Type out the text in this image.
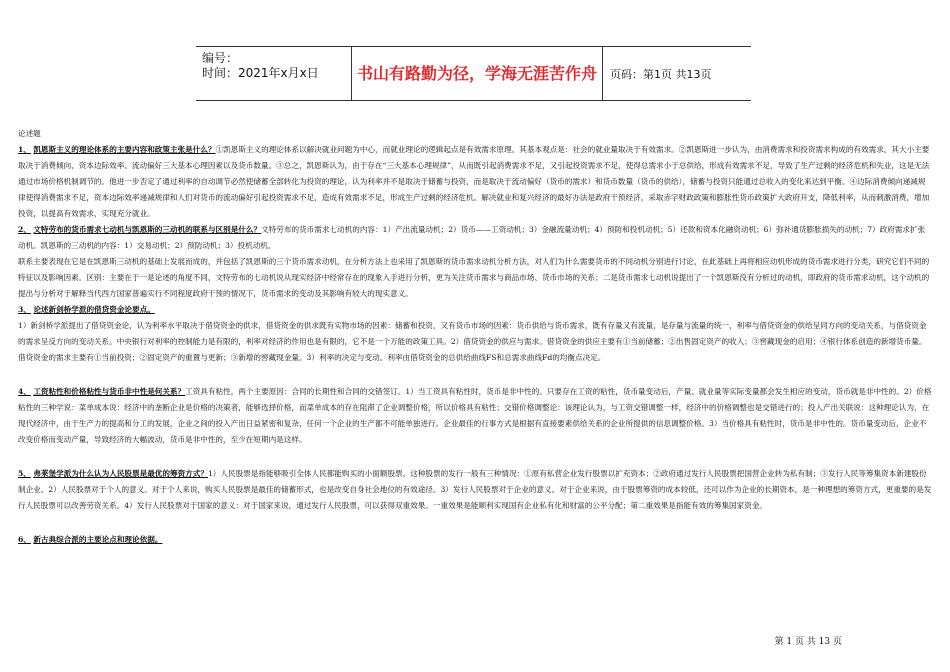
编号：
时间：2021年x月x日	书山有路勤为径，学海无涯苦作舟	页码：第1页 共13页

论述题

1、 凯恩斯主义的理论体系的主要内容和政策主张是什么？①凯恩斯主义的理论体系以解决就业问题为中心，而就业理论的逻辑起点是有效需求原理。其基本观点是：社会的就业量取决于有效需求。②凯恩斯进一步认为，由消费需求和投资需求构成的有效需求，其大小主要取决于消费倾向、资本边际效率、流动偏好三大基本心理因素以及货币数量。③总之，凯恩斯认为，由于存在“三大基本心理规律”，从而既引起消费需求不足，又引起投资需求不足，使得总需求小于总供给，形成有效需求不足，导致了生产过剩的经济危机和失业，这是无法通过市场价格机制调节的。他进一步否定了通过利率的自动调节必然使储蓄全部转化为投资的理论，认为利率并不是取决于储蓄与投资，而是取决于流动偏好（货币的需求）和货币数量（货币的供给），储蓄与投资只能通过总收入的变化来达到平衡。④边际消费倾向递减规律使得消费需求不足，资本边际效率递减规律和人们对货币的流动偏好引起投资需求不足，造成有效需求不足，形成生产过剩的经济危机。解决就业和复兴经济的最好办法是政府干预经济，采取赤字财政政策和膨胀性货币政策扩大政府开支，降低利率，从而刺激消费，增加投资，以提高有效需求，实现充分就业。

2、 文特劳布的货币需求七动机与凯恩斯的三动机的联系与区别是什么？文特劳布的货币需求七动机的内容：1）产出流量动机；2）货币——工资动机；3）金融流量动机；4）预防和投机动机；5）还款和资本化融资动机；6）弥补通货膨胀损失的动机；7）政府需求扩张动机。凯恩斯的三动机的内容：1）交易动机；2）预防动机；3）投机动机。

联系主要表现在它是在凯恩斯三动机的基础上发展而成的，并包括了凯恩斯的三个货币需求动机，在分析方法上也采用了凯恩斯的货币需求动机分析方法，对人们为什么需要货币的不同动机分别进行讨论，在此基础上再将相应动机形成的货币需求进行分类，研究它们不同的特征以及影响因素。区别：主要在于一是论述的角度不同，文特劳布的七动机说从现实经济中经常存在的现象入手进行分析，更为关注货币需求与商品市场、货币市场的关系；二是货币需求七动机说提出了一个凯恩斯没有分析过的动机，即政府的货币需求动机，这个动机的提出与分析对于解释当代西方国家普遍实行不同程度政府干预的情况下，货币需求的变动及其影响有较大的现实意义。

3、 论述新剑桥学派的借贷资金论要点。

1）新剑桥学派提出了借贷资金论，认为利率水平取决于借贷资金的供求，借贷资金的供求既有实物市场的因素：储蓄和投资，又有货币市场的因素：货币供给与货币需求，既有存量又有流量，是存量与流量的统一，利率与借贷资金的供给呈同方向的变动关系，与借贷资金的需求呈反方向的变动关系。中央银行对利率的控制能力是有限的，利率对经济的作用也是有限的，它不是一个万能的政策工具。2）借贷资金的供应与需求。借贷资金的供应主要有①当前储蓄；②出售固定资产的收入；③窖藏现金的启用；④银行体系创造的新增货币量。借贷资金的需求主要有①当前投资；②固定资产的重置与更新；③新增的窖藏现金量。3）利率的决定与变动。利率由借贷资金的总供给曲线FS和总需求曲线Fd的均衡点决定。

4、 工资粘性和价格粘性与货币非中性是何关系？工资具有粘性，两个主要原因：合同的长期性和合同的交错签订。1）当工资具有粘性时，货币是非中性的。只要存在工资的粘性，货币量变动后，产量、就业量等实际变量都会发生相应的变动，货币就是非中性的。2）价格粘性的三种学说：菜单成本说：经济中的垄断企业是价格的决策者，能够选择价格，而菜单成本的存在阻滞了企业调整价格，所以价格具有粘性；交错价格调整论：该理论认为，与工资交错调整一样，经济中的价格调整也是交错进行的；投入产出关联说：这种理论认为，在现代经济中，由于生产力的提高和分工的发展，企业之间的投入产出日益紧密和复杂，任何一个企业的生产都不可能单独进行。企业最佳的行事方式是根据有直接要素供给关系的企业所提供的信息调整价格。3）当价格具有粘性时，货币是非中性的。货币量变动后，企业不改变价格而变动产量，导致经济的大幅波动，货币是非中性的，至少在短期内是这样。

5、 弗莱堡学派为什么认为人民股票是最优的筹资方式？1）人民股票是指能够吸引全体人民都能购买的小面额股票。这种股票的发行一般有三种情况：①原有私营企业发行股票以扩充资本；②政府通过发行人民股票把国营企业转为私有制；③发行人民等筹集资本新建股份制企业。2）人民股票对于个人的意义。对于个人来说，购买人民股票是最佳的储蓄形式，也是改变自身社会地位的有效途径。3）发行人民股票对于企业的意义。对于企业来说，由于股票筹资的成本较低，还可以作为企业的长期资本，是一种理想的筹资方式，更重要的是发行人民股票可以改善劳资关系。4）发行人民股票对于国家的意义：对于国家来说，通过发行人民股票，可以获得双重效果。一重效果是能顺利实现国有企业私有化和财富的公平分配；第二重效果是指能有效的筹集国家资金。

6、 新古典综合派的主要论点和理论依据。

第 1 页 共 13 页
